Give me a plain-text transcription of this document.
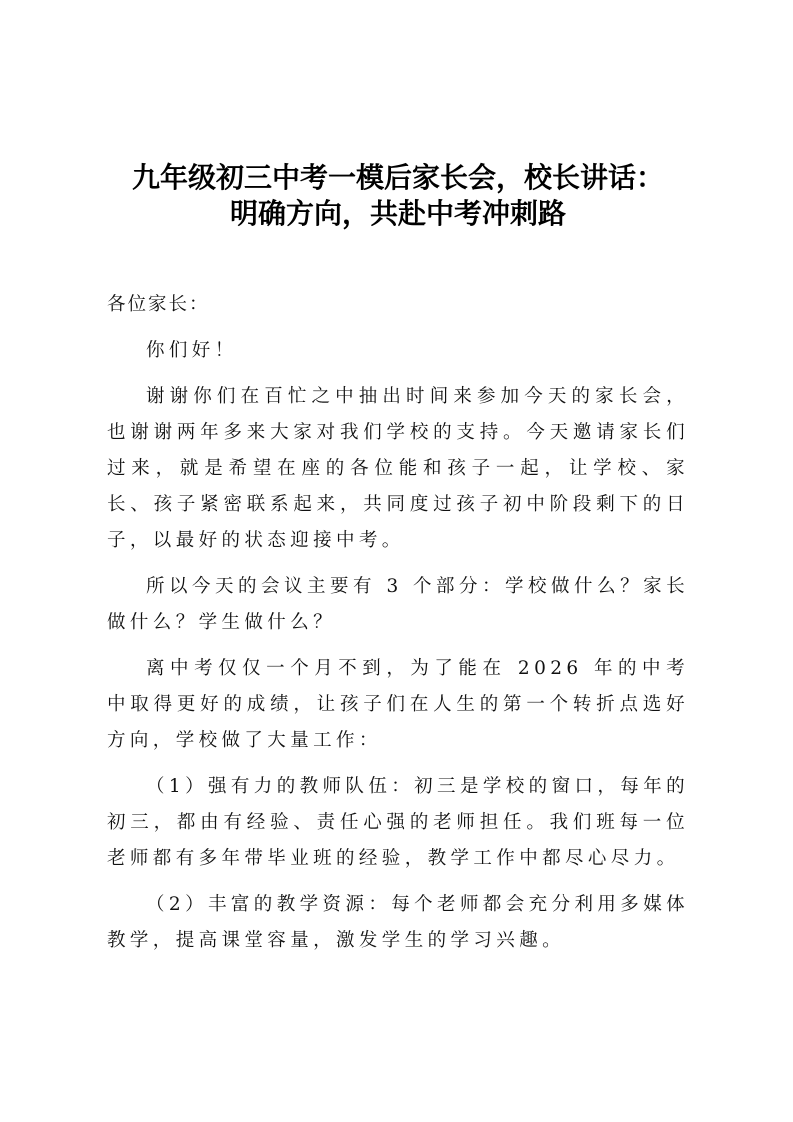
九年级初三中考一模后家长会，校长讲话：
明确方向，共赴中考冲刺路

各位家长：

你们好！

谢谢你们在百忙之中抽出时间来参加今天的家长会，也谢谢两年多来大家对我们学校的支持。今天邀请家长们过来，就是希望在座的各位能和孩子一起，让学校、家长、孩子紧密联系起来，共同度过孩子初中阶段剩下的日子，以最好的状态迎接中考。

所以今天的会议主要有 3 个部分：学校做什么？家长做什么？学生做什么？

离中考仅仅一个月不到，为了能在 2026 年的中考中取得更好的成绩，让孩子们在人生的第一个转折点选好方向，学校做了大量工作：

（1）强有力的教师队伍：初三是学校的窗口，每年的初三，都由有经验、责任心强的老师担任。我们班每一位老师都有多年带毕业班的经验，教学工作中都尽心尽力。

（2）丰富的教学资源：每个老师都会充分利用多媒体教学，提高课堂容量，激发学生的学习兴趣。
